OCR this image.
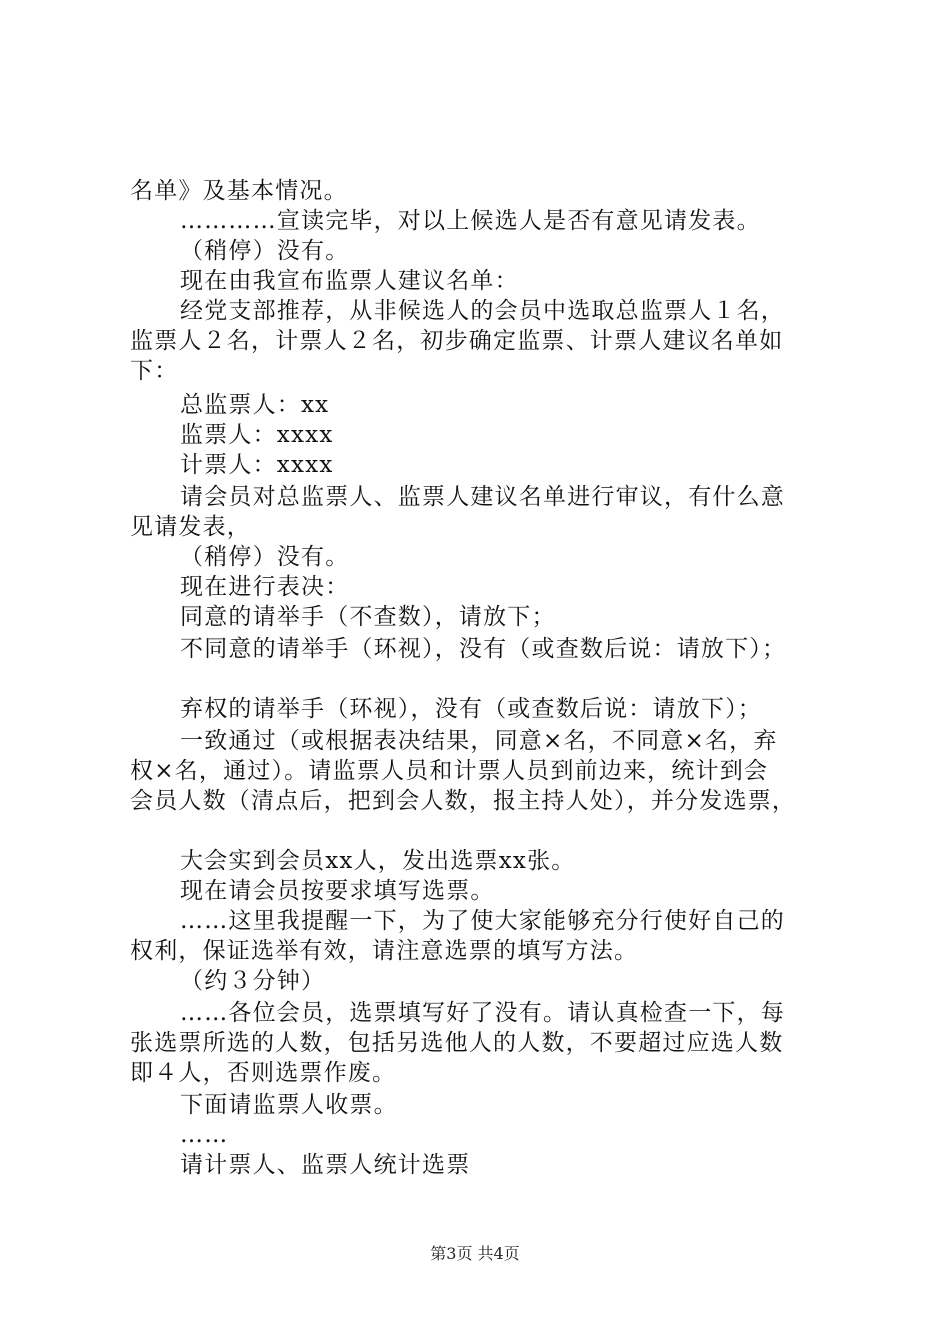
名单》及基本情况。
…………宣读完毕，对以上候选人是否有意见请发表。
（稍停）没有。
现在由我宣布监票人建议名单：
经党支部推荐，从非候选人的会员中选取总监票人１名，
监票人２名，计票人２名，初步确定监票、计票人建议名单如
下：
总监票人：xx
监票人：xxxx
计票人：xxxx
请会员对总监票人、监票人建议名单进行审议，有什么意
见请发表，
（稍停）没有。
现在进行表决：
同意的请举手（不查数），请放下；
不同意的请举手（环视），没有（或查数后说：请放下）；
弃权的请举手（环视），没有（或查数后说：请放下）；
一致通过（或根据表决结果，同意×名，不同意×名，弃
权×名，通过）。请监票人员和计票人员到前边来，统计到会
会员人数（清点后，把到会人数，报主持人处），并分发选票，
大会实到会员xx人，发出选票xx张。
现在请会员按要求填写选票。
……这里我提醒一下，为了使大家能够充分行使好自己的
权利，保证选举有效，请注意选票的填写方法。
（约３分钟）
……各位会员，选票填写好了没有。请认真检查一下，每
张选票所选的人数，包括另选他人的人数，不要超过应选人数
即４人，否则选票作废。
下面请监票人收票。
……
请计票人、监票人统计选票
第3页 共4页
